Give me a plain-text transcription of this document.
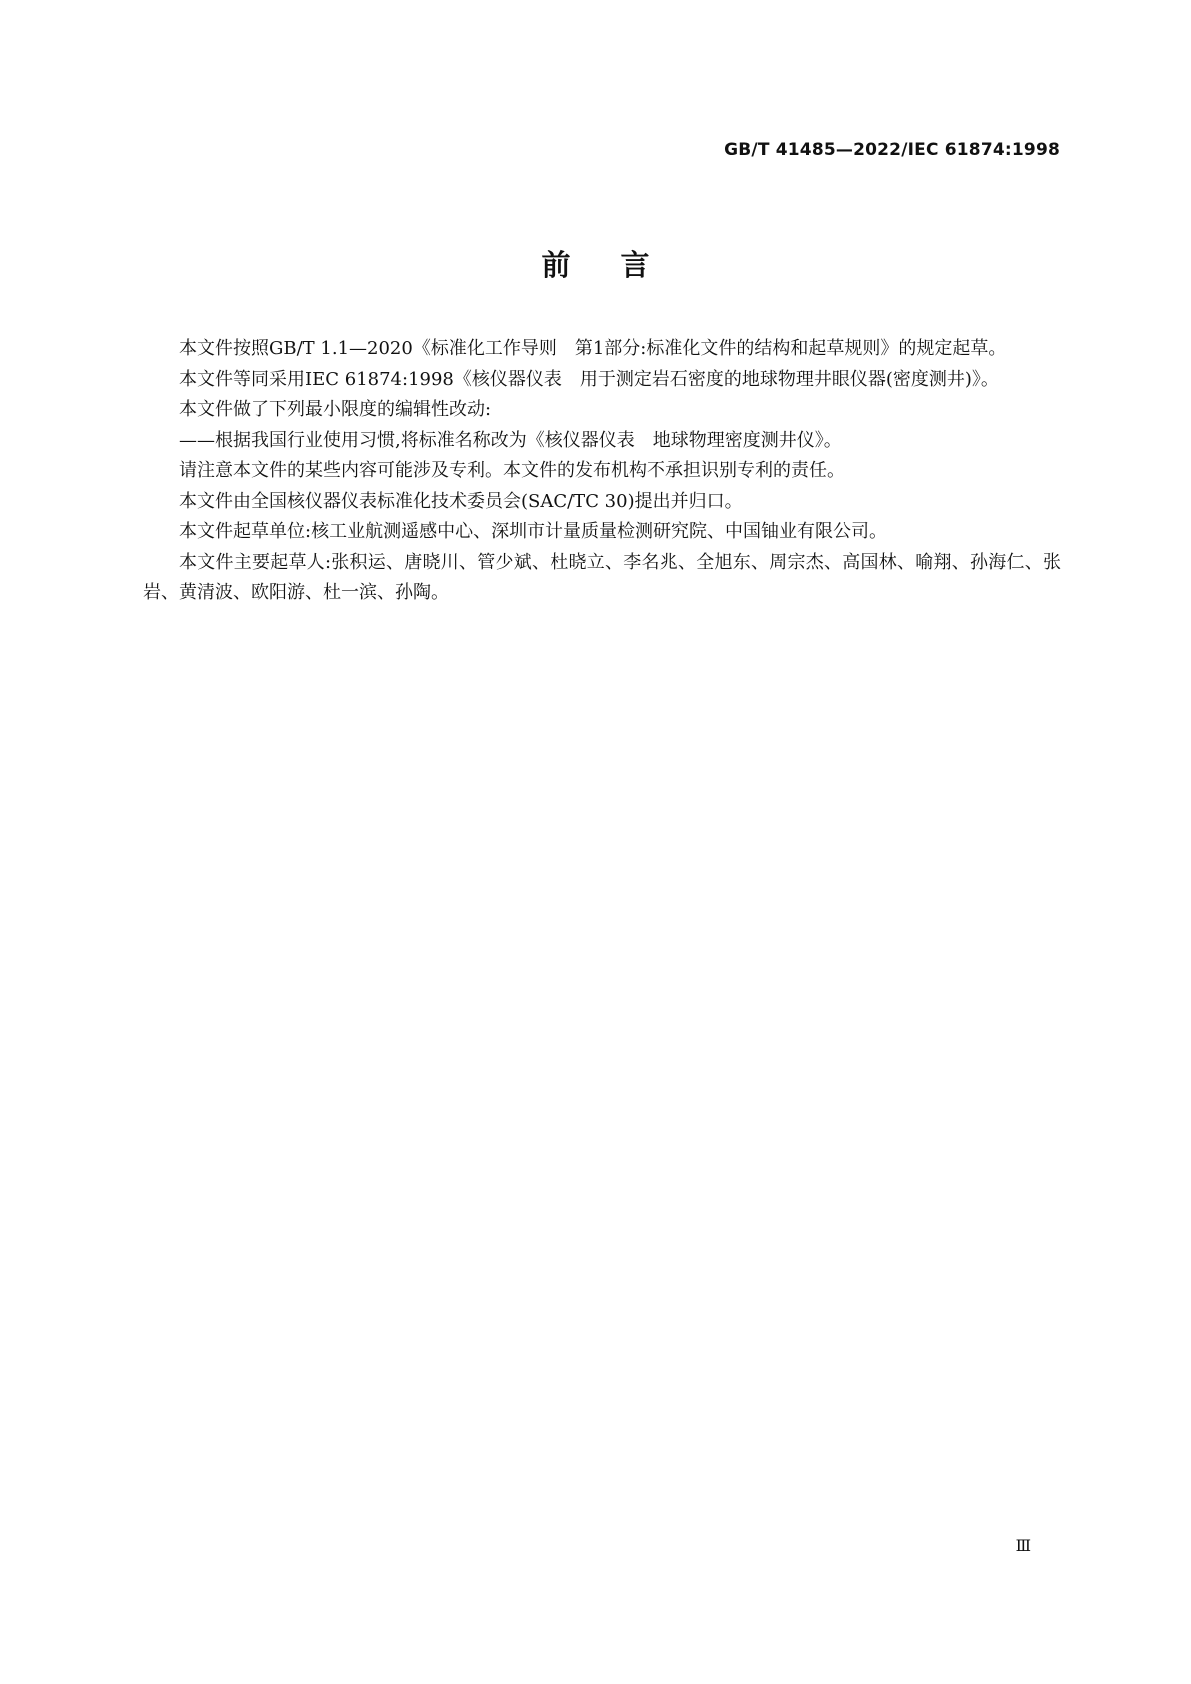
GB/T 41485—2022/IEC 61874:1998
前言

本文件按照GB/T 1.1—2020《标准化工作导则　第1部分:标准化文件的结构和起草规则》的规定起草。

本文件等同采用IEC 61874:1998《核仪器仪表　用于测定岩石密度的地球物理井眼仪器(密度测井)》。

本文件做了下列最小限度的编辑性改动:

——根据我国行业使用习惯,将标准名称改为《核仪器仪表　地球物理密度测井仪》。

请注意本文件的某些内容可能涉及专利。本文件的发布机构不承担识别专利的责任。

本文件由全国核仪器仪表标准化技术委员会(SAC/TC 30)提出并归口。

本文件起草单位:核工业航测遥感中心、深圳市计量质量检测研究院、中国铀业有限公司。

本文件主要起草人:张积运、唐晓川、管少斌、杜晓立、李名兆、全旭东、周宗杰、高国林、喻翔、孙海仁、张岩、黄清波、欧阳游、杜一滨、孙陶。

Ⅲ
